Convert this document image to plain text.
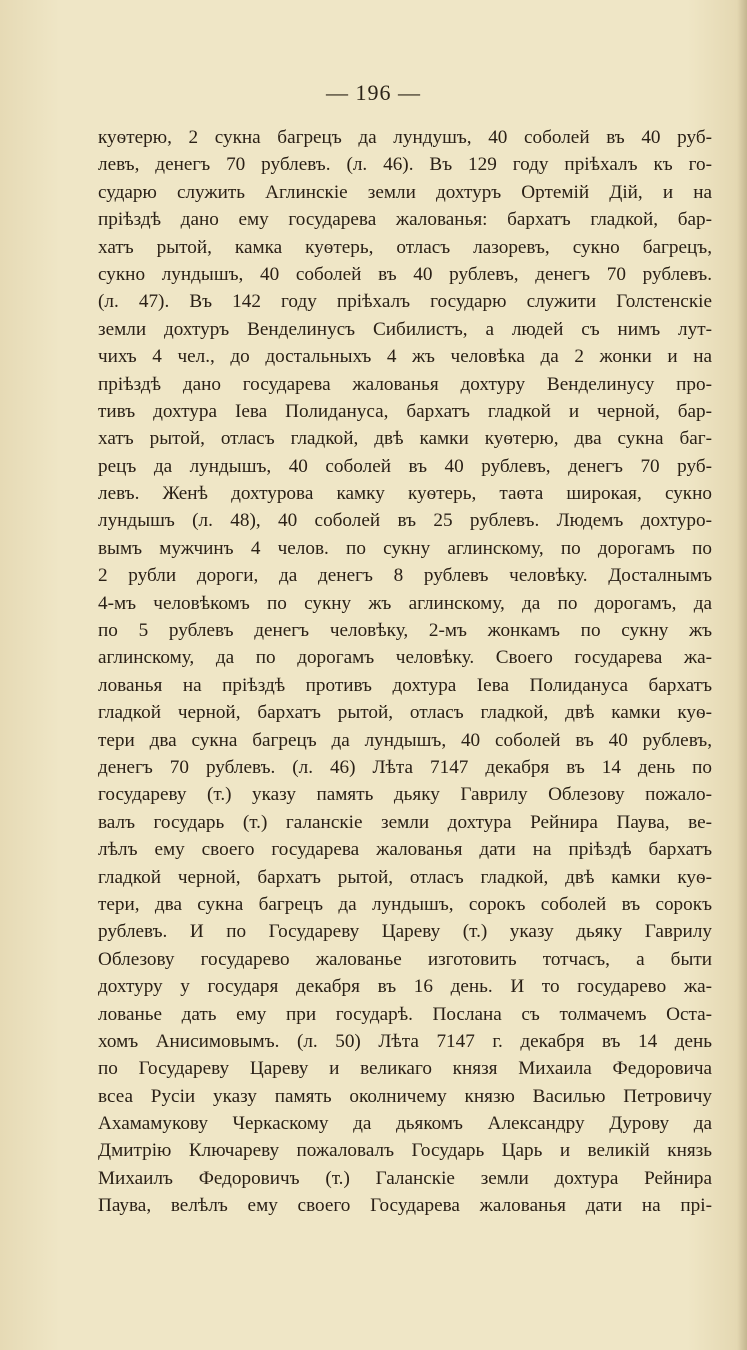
— 196 —
куѳтерю, 2 сукна багрецъ да лундушъ, 40 соболей въ 40 руб-
левъ, денегъ 70 рублевъ. (л. 46). Въ 129 году пріѣхалъ къ го-
сударю служить Аглинскіе земли дохтуръ Ортемій Дій, и на
пріѣздѣ дано ему государева жалованья: бархатъ гладкой, бар-
хатъ рытой, камка куѳтерь, отласъ лазоревъ, сукно багрецъ,
сукно лундышъ, 40 соболей въ 40 рублевъ, денегъ 70 рублевъ.
(л. 47). Въ 142 году пріѣхалъ государю служити Голстенскіе
земли дохтуръ Венделинусъ Сибилистъ, а людей съ нимъ лут-
чихъ 4 чел., до достальныхъ 4 жъ человѣка да 2 жонки и на
пріѣздѣ дано государева жалованья дохтуру Венделинусу про-
тивъ дохтура Іева Полидануса, бархатъ гладкой и черной, бар-
хатъ рытой, отласъ гладкой, двѣ камки куѳтерю, два сукна баг-
рецъ да лундышъ, 40 соболей въ 40 рублевъ, денегъ 70 руб-
левъ. Женѣ дохтурова камку куѳтерь, таѳта широкая, сукно
лундышъ (л. 48), 40 соболей въ 25 рублевъ. Людемъ дохтуро-
вымъ мужчинъ 4 челов. по сукну аглинскому, по дорогамъ по
2 рубли дороги, да денегъ 8 рублевъ человѣку. Досталнымъ
4-мъ человѣкомъ по сукну жъ аглинскому, да по дорогамъ, да
по 5 рублевъ денегъ человѣку, 2-мъ жонкамъ по сукну жъ
аглинскому, да по дорогамъ человѣку. Своего государева жа-
лованья на пріѣздѣ противъ дохтура Іева Полидануса бархатъ
гладкой черной, бархатъ рытой, отласъ гладкой, двѣ камки куѳ-
тери два сукна багрецъ да лундышъ, 40 соболей въ 40 рублевъ,
денегъ 70 рублевъ. (л. 46) Лѣта 7147 декабря въ 14 день по
государеву (т.) указу память дьяку Гаврилу Облезову пожало-
валъ государь (т.) галанскіе земли дохтура Рейнира Паува, ве-
лѣлъ ему своего государева жалованья дати на пріѣздѣ бархатъ
гладкой черной, бархатъ рытой, отласъ гладкой, двѣ камки куѳ-
тери, два сукна багрецъ да лундышъ, сорокъ соболей въ сорокъ
рублевъ. И по Государеву Цареву (т.) указу дьяку Гаврилу
Облезову государево жалованье изготовить тотчасъ, а быти
дохтуру у государя декабря въ 16 день. И то государево жа-
лованье дать ему при государѣ. Послана съ толмачемъ Оста-
хомъ Анисимовымъ. (л. 50) Лѣта 7147 г. декабря въ 14 день
по Государеву Цареву и великаго князя Михаила Федоровича
всеа Русіи указу память околничему князю Василью Петровичу
Ахамамукову Черкаскому да дьякомъ Александру Дурову да
Дмитрію Ключареву пожаловалъ Государь Царь и великій князь
Михаилъ Федоровичъ (т.) Галанскіе земли дохтура Рейнира
Паува, велѣлъ ему своего Государева жалованья дати на прі-
